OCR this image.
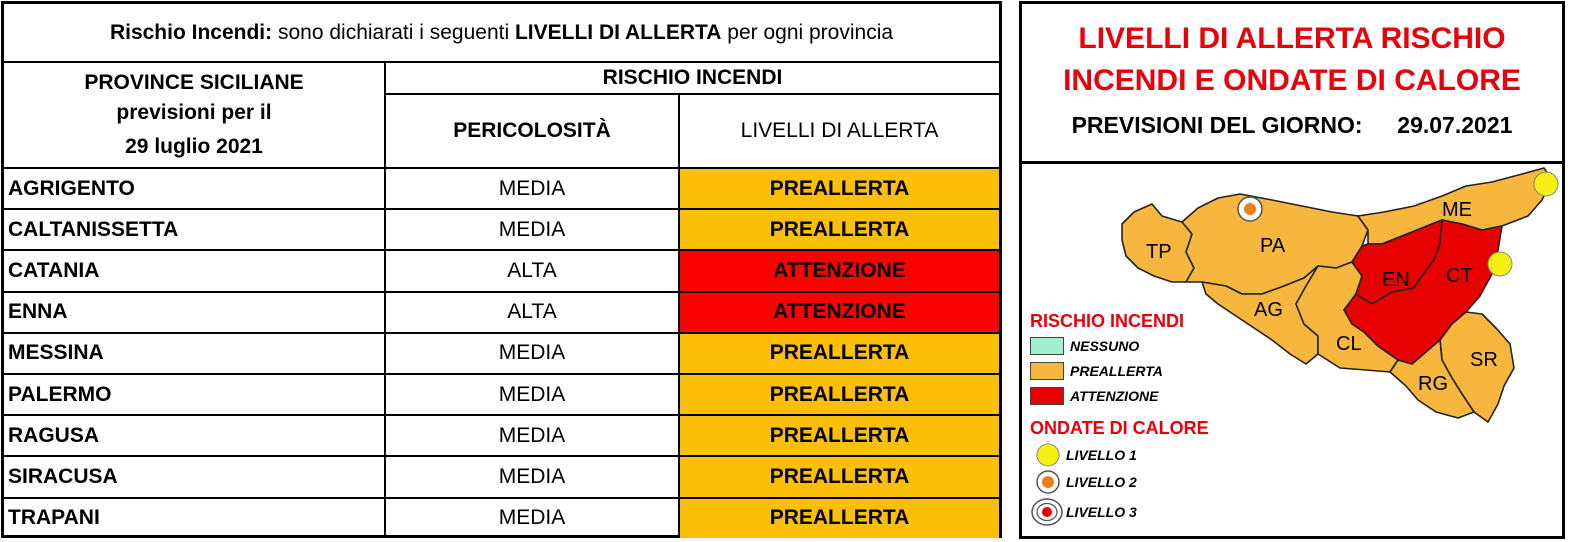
Rischio Incendi: sono dichiarati i seguenti LIVELLI DI ALLERTA per ogni provincia
PROVINCE SICILIANE
previsioni per il
29 luglio 2021
RISCHIO INCENDI
PERICOLOSITÀ	LIVELLI DI ALLERTA
AGRIGENTO	MEDIA	PREALLERTA
CALTANISSETTA	MEDIA	PREALLERTA
CATANIA	ALTA	ATTENZIONE
ENNA	ALTA	ATTENZIONE
MESSINA	MEDIA	PREALLERTA
PALERMO	MEDIA	PREALLERTA
RAGUSA	MEDIA	PREALLERTA
SIRACUSA	MEDIA	PREALLERTA
TRAPANI	MEDIA	PREALLERTA
LIVELLI DI ALLERTA RISCHIO
INCENDI E ONDATE DI CALORE
PREVISIONI DEL GIORNO: 29.07.2021
TP	PA
ME
AG
EN CT
CL
SR
RG
RISCHIO INCENDI
NESSUNO
PREALLERTA
ATTENZIONE
ONDATE DI CALORE
LIVELLO 1
LIVELLO 2
LIVELLO 3
